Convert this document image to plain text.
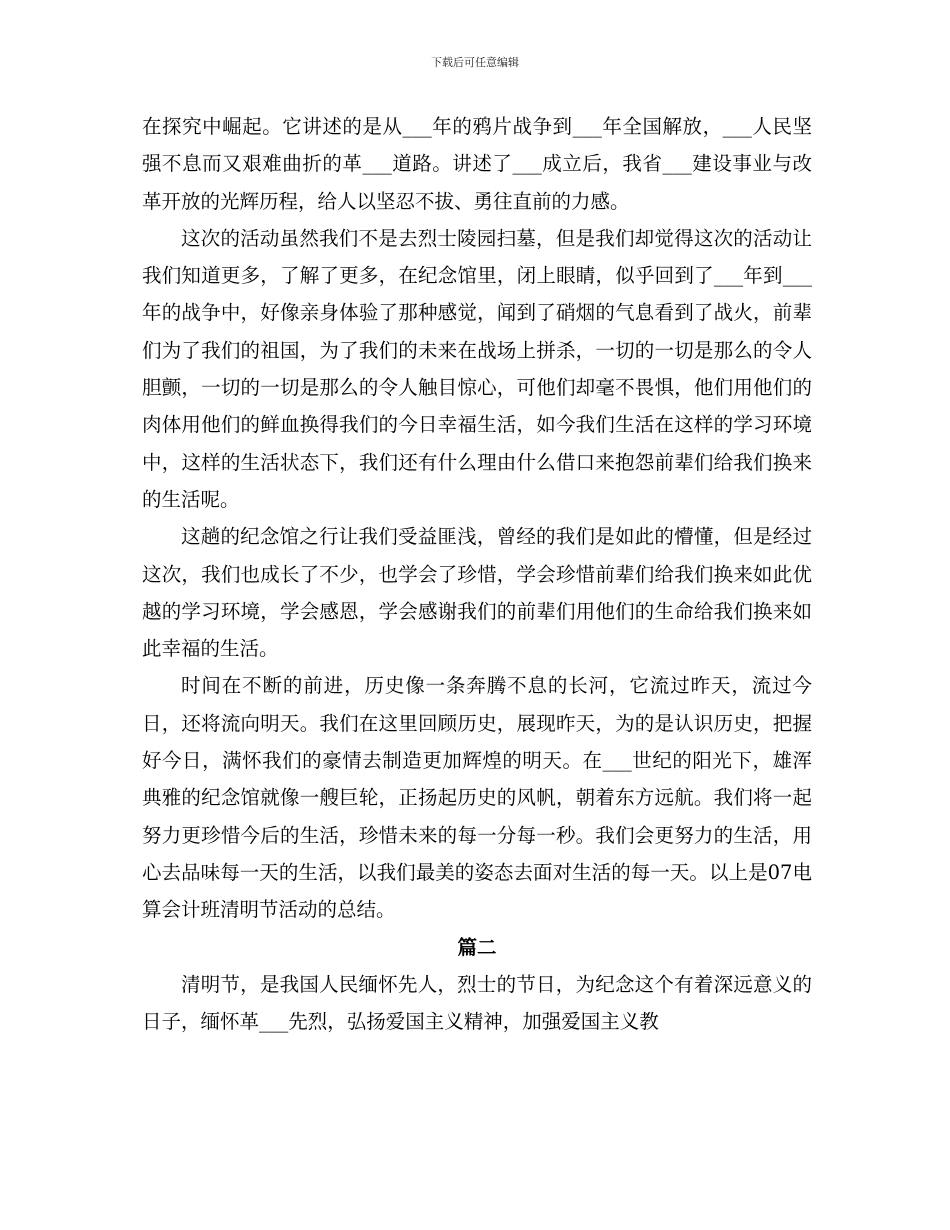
下载后可任意编辑

在探究中崛起。它讲述的是从___年的鸦片战争到___年全国解放，___人民坚强不息而又艰难曲折的革___道路。讲述了___成立后，我省___建设事业与改革开放的光辉历程，给人以坚忍不拔、勇往直前的力感。

这次的活动虽然我们不是去烈士陵园扫墓，但是我们却觉得这次的活动让我们知道更多，了解了更多，在纪念馆里，闭上眼睛，似乎回到了___年到___年的战争中，好像亲身体验了那种感觉，闻到了硝烟的气息看到了战火，前辈们为了我们的祖国，为了我们的未来在战场上拼杀，一切的一切是那么的令人胆颤，一切的一切是那么的令人触目惊心，可他们却毫不畏惧，他们用他们的肉体用他们的鲜血换得我们的今日幸福生活，如今我们生活在这样的学习环境中，这样的生活状态下，我们还有什么理由什么借口来抱怨前辈们给我们换来的生活呢。

这趟的纪念馆之行让我们受益匪浅，曾经的我们是如此的懵懂，但是经过这次，我们也成长了不少，也学会了珍惜，学会珍惜前辈们给我们换来如此优越的学习环境，学会感恩，学会感谢我们的前辈们用他们的生命给我们换来如此幸福的生活。

时间在不断的前进，历史像一条奔腾不息的长河，它流过昨天，流过今日，还将流向明天。我们在这里回顾历史，展现昨天，为的是认识历史，把握好今日，满怀我们的豪情去制造更加辉煌的明天。在___世纪的阳光下，雄浑典雅的纪念馆就像一艘巨轮，正扬起历史的风帆，朝着东方远航。我们将一起努力更珍惜今后的生活，珍惜未来的每一分每一秒。我们会更努力的生活，用心去品味每一天的生活，以我们最美的姿态去面对生活的每一天。以上是07电算会计班清明节活动的总结。

篇二

清明节，是我国人民缅怀先人，烈士的节日，为纪念这个有着深远意义的日子，缅怀革___先烈，弘扬爱国主义精神，加强爱国主义教
